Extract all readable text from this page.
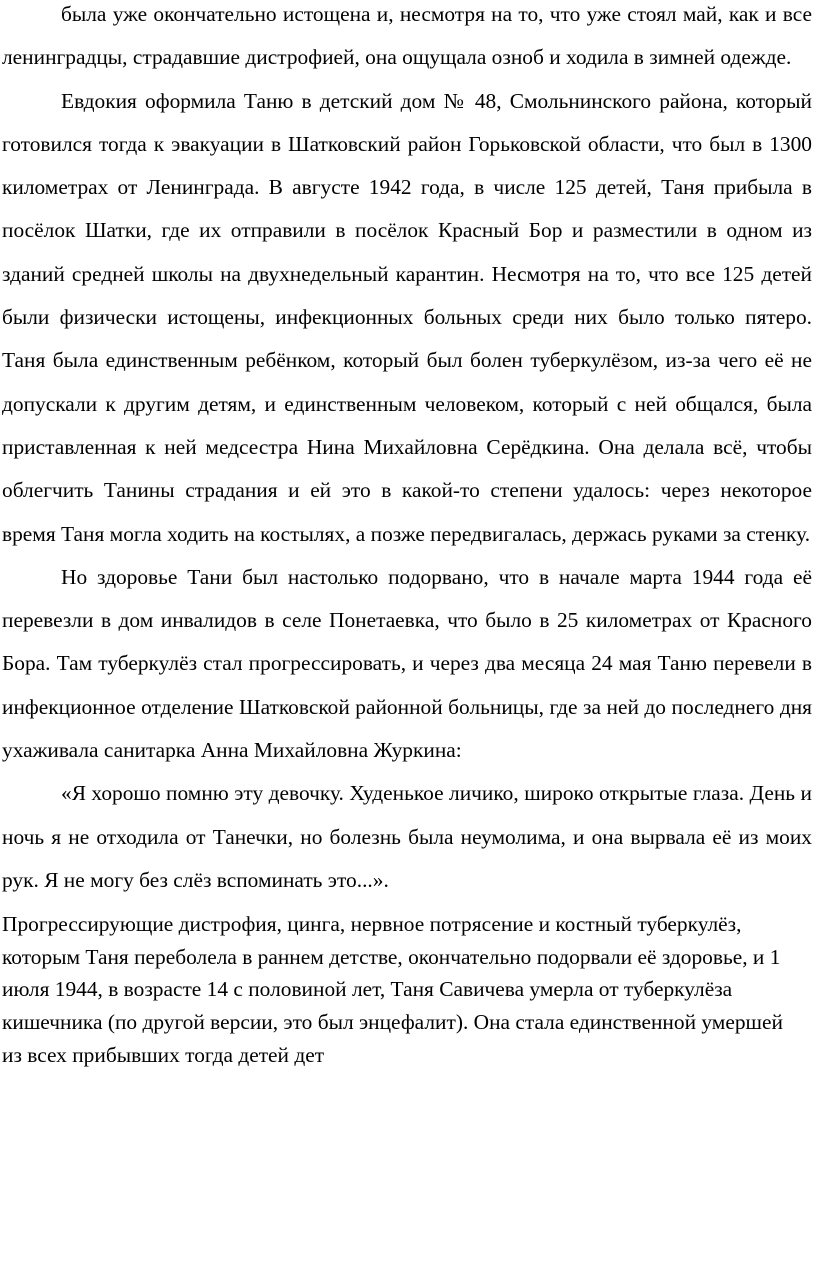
была уже окончательно истощена и, несмотря на то, что уже стоял май, как и все ленинградцы, страдавшие дистрофией, она ощущала озноб и ходила в зимней одежде.

Евдокия оформила Таню в детский дом № 48, Смольнинского района, который готовился тогда к эвакуации в Шатковский район Горьковской области, что был в 1300 километрах от Ленинграда. В августе 1942 года, в числе 125 детей, Таня прибыла в посёлок Шатки, где их отправили в посёлок Красный Бор и разместили в одном из зданий средней школы на двухнедельный карантин. Несмотря на то, что все 125 детей были физически истощены, инфекционных больных среди них было только пятеро. Таня была единственным ребёнком, который был болен туберкулёзом, из-за чего её не допускали к другим детям, и единственным человеком, который с ней общался, была приставленная к ней медсестра Нина Михайловна Серёдкина. Она делала всё, чтобы облегчить Танины страдания и ей это в какой-то степени удалось: через некоторое время Таня могла ходить на костылях, а позже передвигалась, держась руками за стенку.

Но здоровье Тани был настолько подорвано, что в начале марта 1944 года её перевезли в дом инвалидов в селе Понетаевка, что было в 25 километрах от Красного Бора. Там туберкулёз стал прогрессировать, и через два месяца 24 мая Таню перевели в инфекционное отделение Шатковской районной больницы, где за ней до последнего дня ухаживала санитарка Анна Михайловна Журкина:

«Я хорошо помню эту девочку. Худенькое личико, широко открытые глаза. День и ночь я не отходила от Танечки, но болезнь была неумолима, и она вырвала её из моих рук. Я не могу без слёз вспоминать это...».

Прогрессирующие дистрофия, цинга, нервное потрясение и костный туберкулёз, которым Таня переболела в раннем детстве, окончательно подорвали её здоровье, и 1 июля 1944, в возрасте 14 с половиной лет, Таня Савичева умерла от туберкулёза кишечника (по другой версии, это был энцефалит). Она стала единственной умершей из всех прибывших тогда детей дет
